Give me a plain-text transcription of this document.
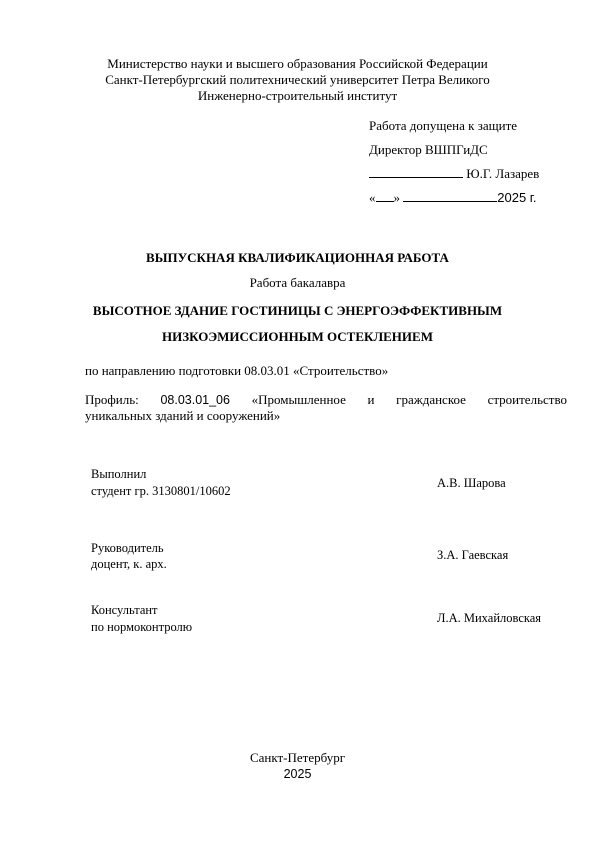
Министерство науки и высшего образования Российской Федерации
Санкт-Петербургский политехнический университет Петра Великого
Инженерно-строительный институт
Работа допущена к защите
Директор ВШПГиДС
Ю.Г. Лазарев
« »	2025 г.
ВЫПУСКНАЯ КВАЛИФИКАЦИОННАЯ РАБОТА
Работа бакалавра
ВЫСОТНОЕ ЗДАНИЕ ГОСТИНИЦЫ С ЭНЕРГОЭФФЕКТИВНЫМ
НИЗКОЭМИССИОННЫМ ОСТЕКЛЕНИЕМ
по направлению подготовки 08.03.01 «Строительство»
Профиль: 08.03.01_06 «Промышленное и гражданское строительство
уникальных зданий и сооружений»
Выполнил
студент гр. 3130801/10602
А.В. Шарова
Руководитель
доцент, к. арх.
З.А. Гаевская
Консультант
по нормоконтролю
Л.А. Михайловская
Санкт-Петербург
2025
